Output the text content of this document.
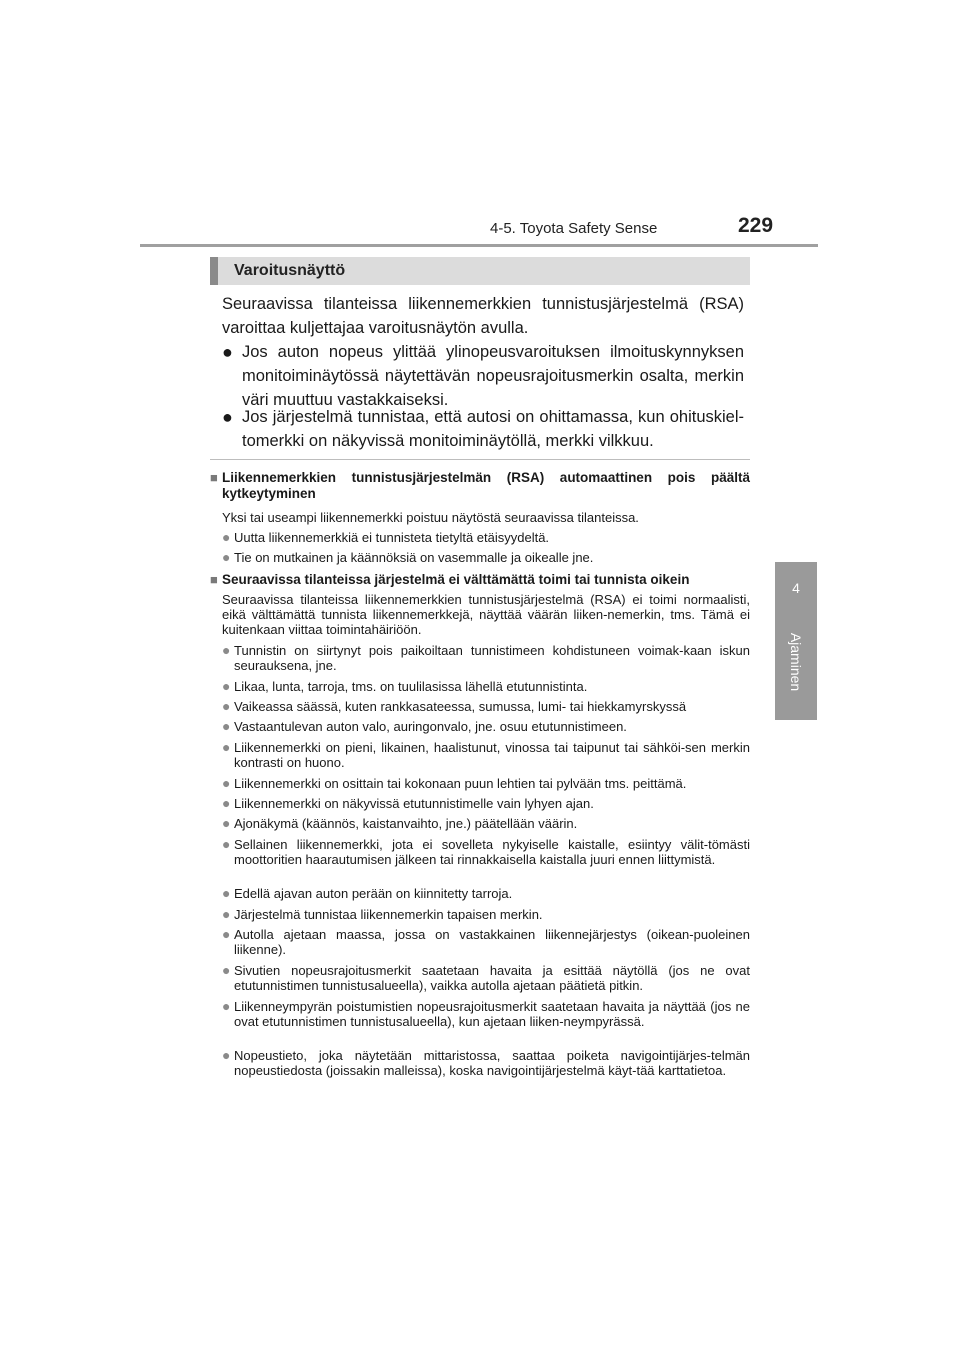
4-5. Toyota Safety Sense	229
4
Ajaminen
Varoitusnäyttö
Seuraavissa tilanteissa liikennemerkkien tunnistusjärjestelmä (RSA) varoittaa kuljettajaa varoitusnäytön avulla.
● Jos auton nopeus ylittää ylinopeusvaroituksen ilmoituskynnyksen monitoiminäytössä näytettävän nopeusrajoitusmerkin osalta, merkin väri muuttuu vastakkaiseksi.
● Jos järjestelmä tunnistaa, että autosi on ohittamassa, kun ohituskiel-tomerkki on näkyvissä monitoiminäytöllä, merkki vilkkuu.
■ Liikennemerkkien tunnistusjärjestelmän (RSA) automaattinen pois päältä kytkeytyminen
Yksi tai useampi liikennemerkki poistuu näytöstä seuraavissa tilanteissa.
● Uutta liikennemerkkiä ei tunnisteta tietyltä etäisyydeltä.
● Tie on mutkainen ja käännöksiä on vasemmalle ja oikealle jne.
■ Seuraavissa tilanteissa järjestelmä ei välttämättä toimi tai tunnista oikein
Seuraavissa tilanteissa liikennemerkkien tunnistusjärjestelmä (RSA) ei toimi normaalisti, eikä välttämättä tunnista liikennemerkkejä, näyttää väärän liiken-nemerkin, tms. Tämä ei kuitenkaan viittaa toimintahäiriöön.
● Tunnistin on siirtynyt pois paikoiltaan tunnistimeen kohdistuneen voimak-kaan iskun seurauksena, jne.
● Likaa, lunta, tarroja, tms. on tuulilasissa lähellä etutunnistinta.
● Vaikeassa säässä, kuten rankkasateessa, sumussa, lumi- tai hiekkamyrskyssä
● Vastaantulevan auton valo, auringonvalo, jne. osuu etutunnistimeen.
● Liikennemerkki on pieni, likainen, haalistunut, vinossa tai taipunut tai sähköi-sen merkin kontrasti on huono.
● Liikennemerkki on osittain tai kokonaan puun lehtien tai pylvään tms. peittämä.
● Liikennemerkki on näkyvissä etutunnistimelle vain lyhyen ajan.
● Ajonäkymä (käännös, kaistanvaihto, jne.) päätellään väärin.
● Sellainen liikennemerkki, jota ei sovelleta nykyiselle kaistalle, esiintyy välit-tömästi moottoritien haarautumisen jälkeen tai rinnakkaisella kaistalla juuri ennen liittymistä.
● Edellä ajavan auton perään on kiinnitetty tarroja.
● Järjestelmä tunnistaa liikennemerkin tapaisen merkin.
● Autolla ajetaan maassa, jossa on vastakkainen liikennejärjestys (oikean-puoleinen liikenne).
● Sivutien nopeusrajoitusmerkit saatetaan havaita ja esittää näytöllä (jos ne ovat etutunnistimen tunnistusalueella), vaikka autolla ajetaan päätietä pitkin.
● Liikenneympyrän poistumistien nopeusrajoitusmerkit saatetaan havaita ja näyttää (jos ne ovat etutunnistimen tunnistusalueella), kun ajetaan liiken-neympyrässä.
● Nopeustieto, joka näytetään mittaristossa, saattaa poiketa navigointijärjes-telmän nopeustiedosta (joissakin malleissa), koska navigointijärjestelmä käyt-tää karttatietoa.
